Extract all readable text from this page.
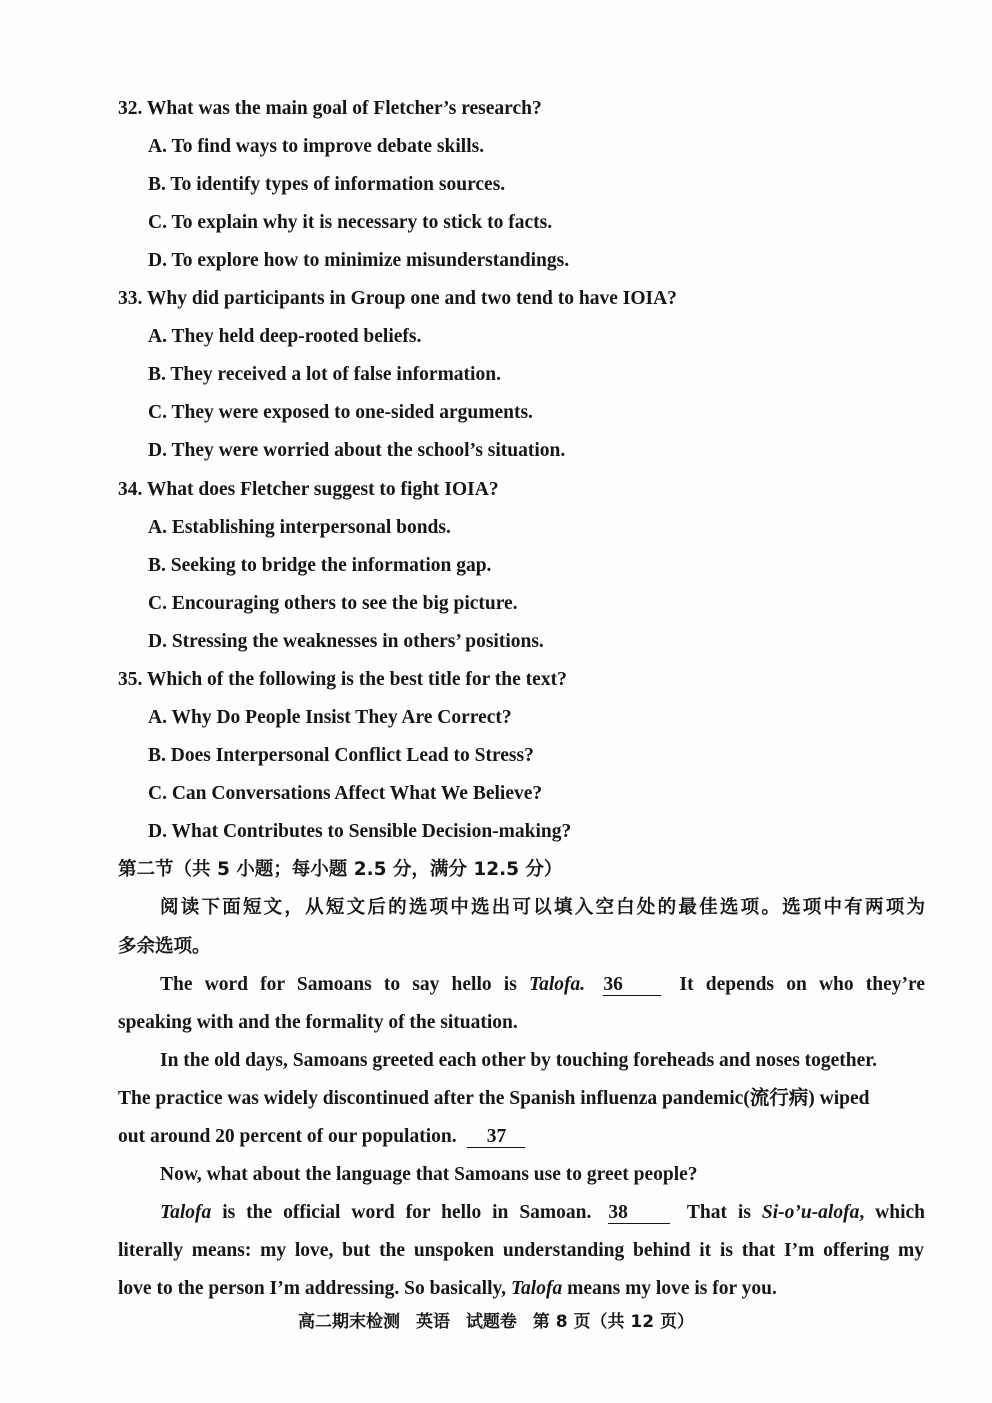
32. What was the main goal of Fletcher’s research?
A. To find ways to improve debate skills.
B. To identify types of information sources.
C. To explain why it is necessary to stick to facts.
D. To explore how to minimize misunderstandings.
33. Why did participants in Group one and two tend to have IOIA?
A. They held deep-rooted beliefs.
B. They received a lot of false information.
C. They were exposed to one-sided arguments.
D. They were worried about the school’s situation.
34. What does Fletcher suggest to fight IOIA?
A. Establishing interpersonal bonds.
B. Seeking to bridge the information gap.
C. Encouraging others to see the big picture.
D. Stressing the weaknesses in others’ positions.
35. Which of the following is the best title for the text?
A. Why Do People Insist They Are Correct?
B. Does Interpersonal Conflict Lead to Stress?
C. Can Conversations Affect What We Believe?
D. What Contributes to Sensible Decision-making?
第二节（共 5 小题；每小题 2.5 分，满分 12.5 分）
阅读下面短文，从短文后的选项中选出可以填入空白处的最佳选项。选项中有两项为
多余选项。
The word for Samoans to say hello is Talofa. 36	It depends on who they’re
speaking with and the formality of the situation.
In the old days, Samoans greeted each other by touching foreheads and noses together.
The practice was widely discontinued after the Spanish influenza pandemic(流行病) wiped
out around 20 percent of our population. 37
Now, what about the language that Samoans use to greet people?
Talofa is the official word for hello in Samoan. 38	That is Si-o’u-alofa, which
literally means: my love, but the unspoken understanding behind it is that I’m offering my
love to the person I’m addressing. So basically, Talofa means my love is for you.
高二期末检测 英语 试题卷 第 8 页（共 12 页）
